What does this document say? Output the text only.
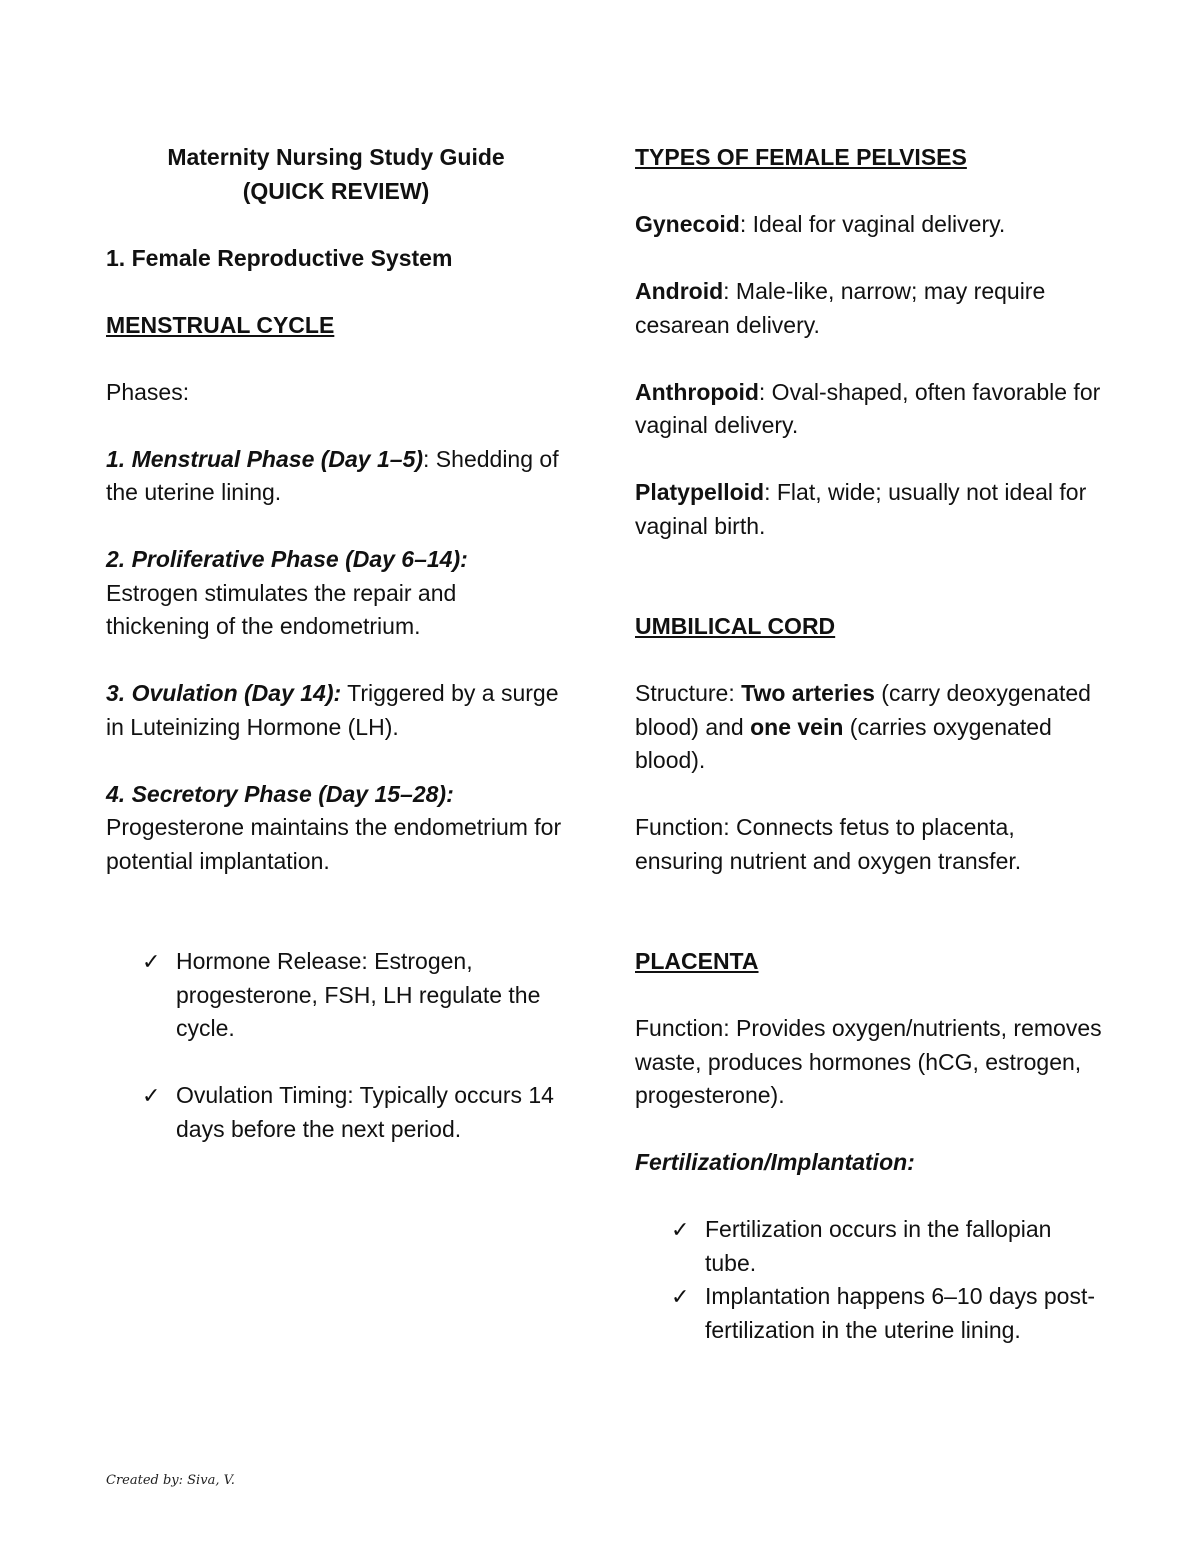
Maternity Nursing Study Guide

(QUICK REVIEW)

1. Female Reproductive System

MENSTRUAL CYCLE

Phases:

1. Menstrual Phase (Day 1–5): Shedding of the uterine lining.

2. Proliferative Phase (Day 6–14): Estrogen stimulates the repair and thickening of the endometrium.

3. Ovulation (Day 14): Triggered by a surge in Luteinizing Hormone (LH).

4. Secretory Phase (Day 15–28): Progesterone maintains the endometrium for potential implantation.

✓ Hormone Release: Estrogen, progesterone, FSH, LH regulate the cycle.

✓ Ovulation Timing: Typically occurs 14 days before the next period.

TYPES OF FEMALE PELVISES

Gynecoid: Ideal for vaginal delivery.

Android: Male-like, narrow; may require cesarean delivery.

Anthropoid: Oval-shaped, often favorable for vaginal delivery.

Platypelloid: Flat, wide; usually not ideal for vaginal birth.

UMBILICAL CORD

Structure: Two arteries (carry deoxygenated blood) and one vein (carries oxygenated blood).

Function: Connects fetus to placenta, ensuring nutrient and oxygen transfer.

PLACENTA

Function: Provides oxygen/nutrients, removes waste, produces hormones (hCG, estrogen, progesterone).

Fertilization/Implantation:

✓ Fertilization occurs in the fallopian tube.

✓ Implantation happens 6–10 days post-fertilization in the uterine lining.

Created by: Siva, V.
